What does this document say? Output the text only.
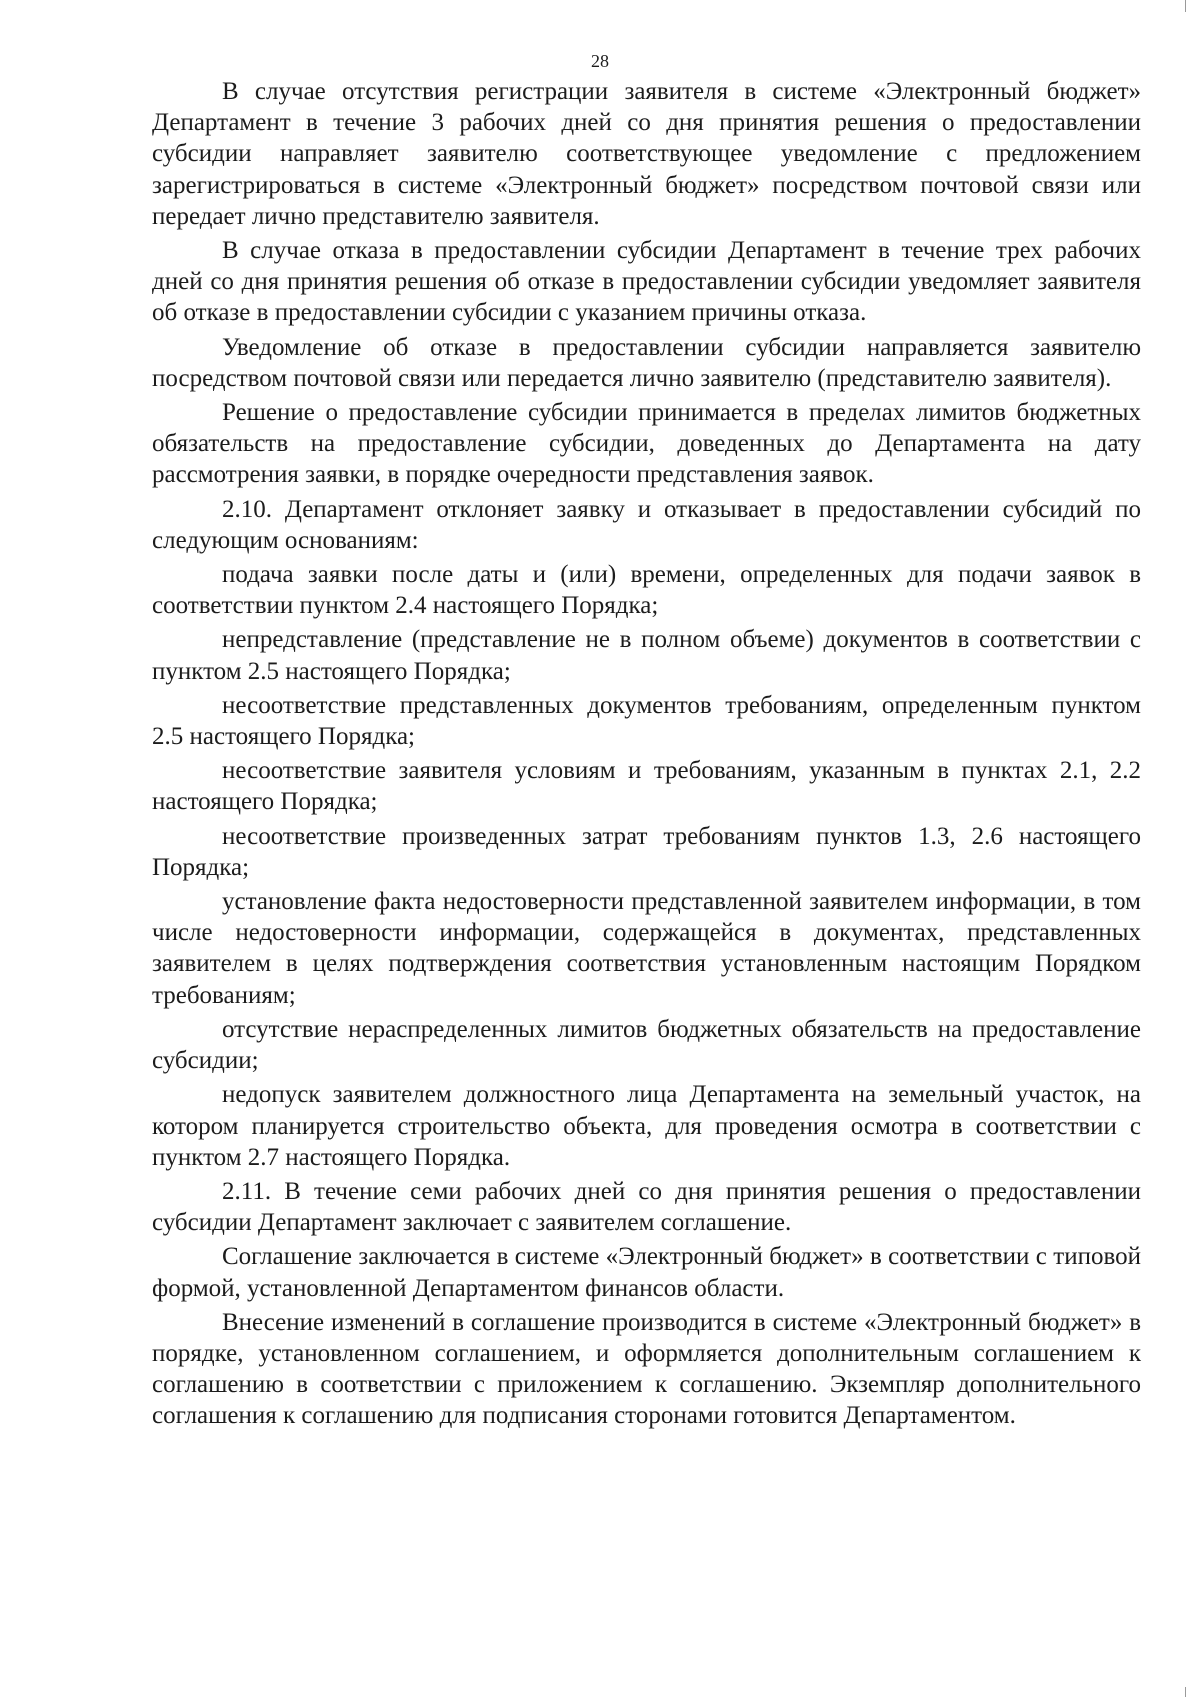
28

В случае отсутствия регистрации заявителя в системе «Электронный бюджет» Департамент в течение 3 рабочих дней со дня принятия решения о предоставлении субсидии направляет заявителю соответствующее уведомление с предложением зарегистрироваться в системе «Электронный бюджет» посредством почтовой связи или передает лично представителю заявителя.

В случае отказа в предоставлении субсидии Департамент в течение трех рабочих дней со дня принятия решения об отказе в предоставлении субсидии уведомляет заявителя об отказе в предоставлении субсидии с указанием причины отказа.

Уведомление об отказе в предоставлении субсидии направляется заявителю посредством почтовой связи или передается лично заявителю (представителю заявителя).

Решение о предоставление субсидии принимается в пределах лимитов бюджетных обязательств на предоставление субсидии, доведенных до Департамента на дату рассмотрения заявки, в порядке очередности представления заявок.

2.10. Департамент отклоняет заявку и отказывает в предоставлении субсидий по следующим основаниям:

подача заявки после даты и (или) времени, определенных для подачи заявок в соответствии пунктом 2.4 настоящего Порядка;

непредставление (представление не в полном объеме) документов в соответствии с пунктом 2.5 настоящего Порядка;

несоответствие представленных документов требованиям, определенным пунктом 2.5 настоящего Порядка;

несоответствие заявителя условиям и требованиям, указанным в пунктах 2.1, 2.2 настоящего Порядка;

несоответствие произведенных затрат требованиям пунктов 1.3, 2.6 настоящего Порядка;

установление факта недостоверности представленной заявителем информации, в том числе недостоверности информации, содержащейся в документах, представленных заявителем в целях подтверждения соответствия установленным настоящим Порядком требованиям;

отсутствие нераспределенных лимитов бюджетных обязательств на предоставление субсидии;

недопуск заявителем должностного лица Департамента на земельный участок, на котором планируется строительство объекта, для проведения осмотра в соответствии с пунктом 2.7 настоящего Порядка.

2.11. В течение семи рабочих дней со дня принятия решения о предоставлении субсидии Департамент заключает с заявителем соглашение.

Соглашение заключается в системе «Электронный бюджет» в соответствии с типовой формой, установленной Департаментом финансов области.

Внесение изменений в соглашение производится в системе «Электронный бюджет» в порядке, установленном соглашением, и оформляется дополнительным соглашением к соглашению в соответствии с приложением к соглашению. Экземпляр дополнительного соглашения к соглашению для подписания сторонами готовится Департаментом.
